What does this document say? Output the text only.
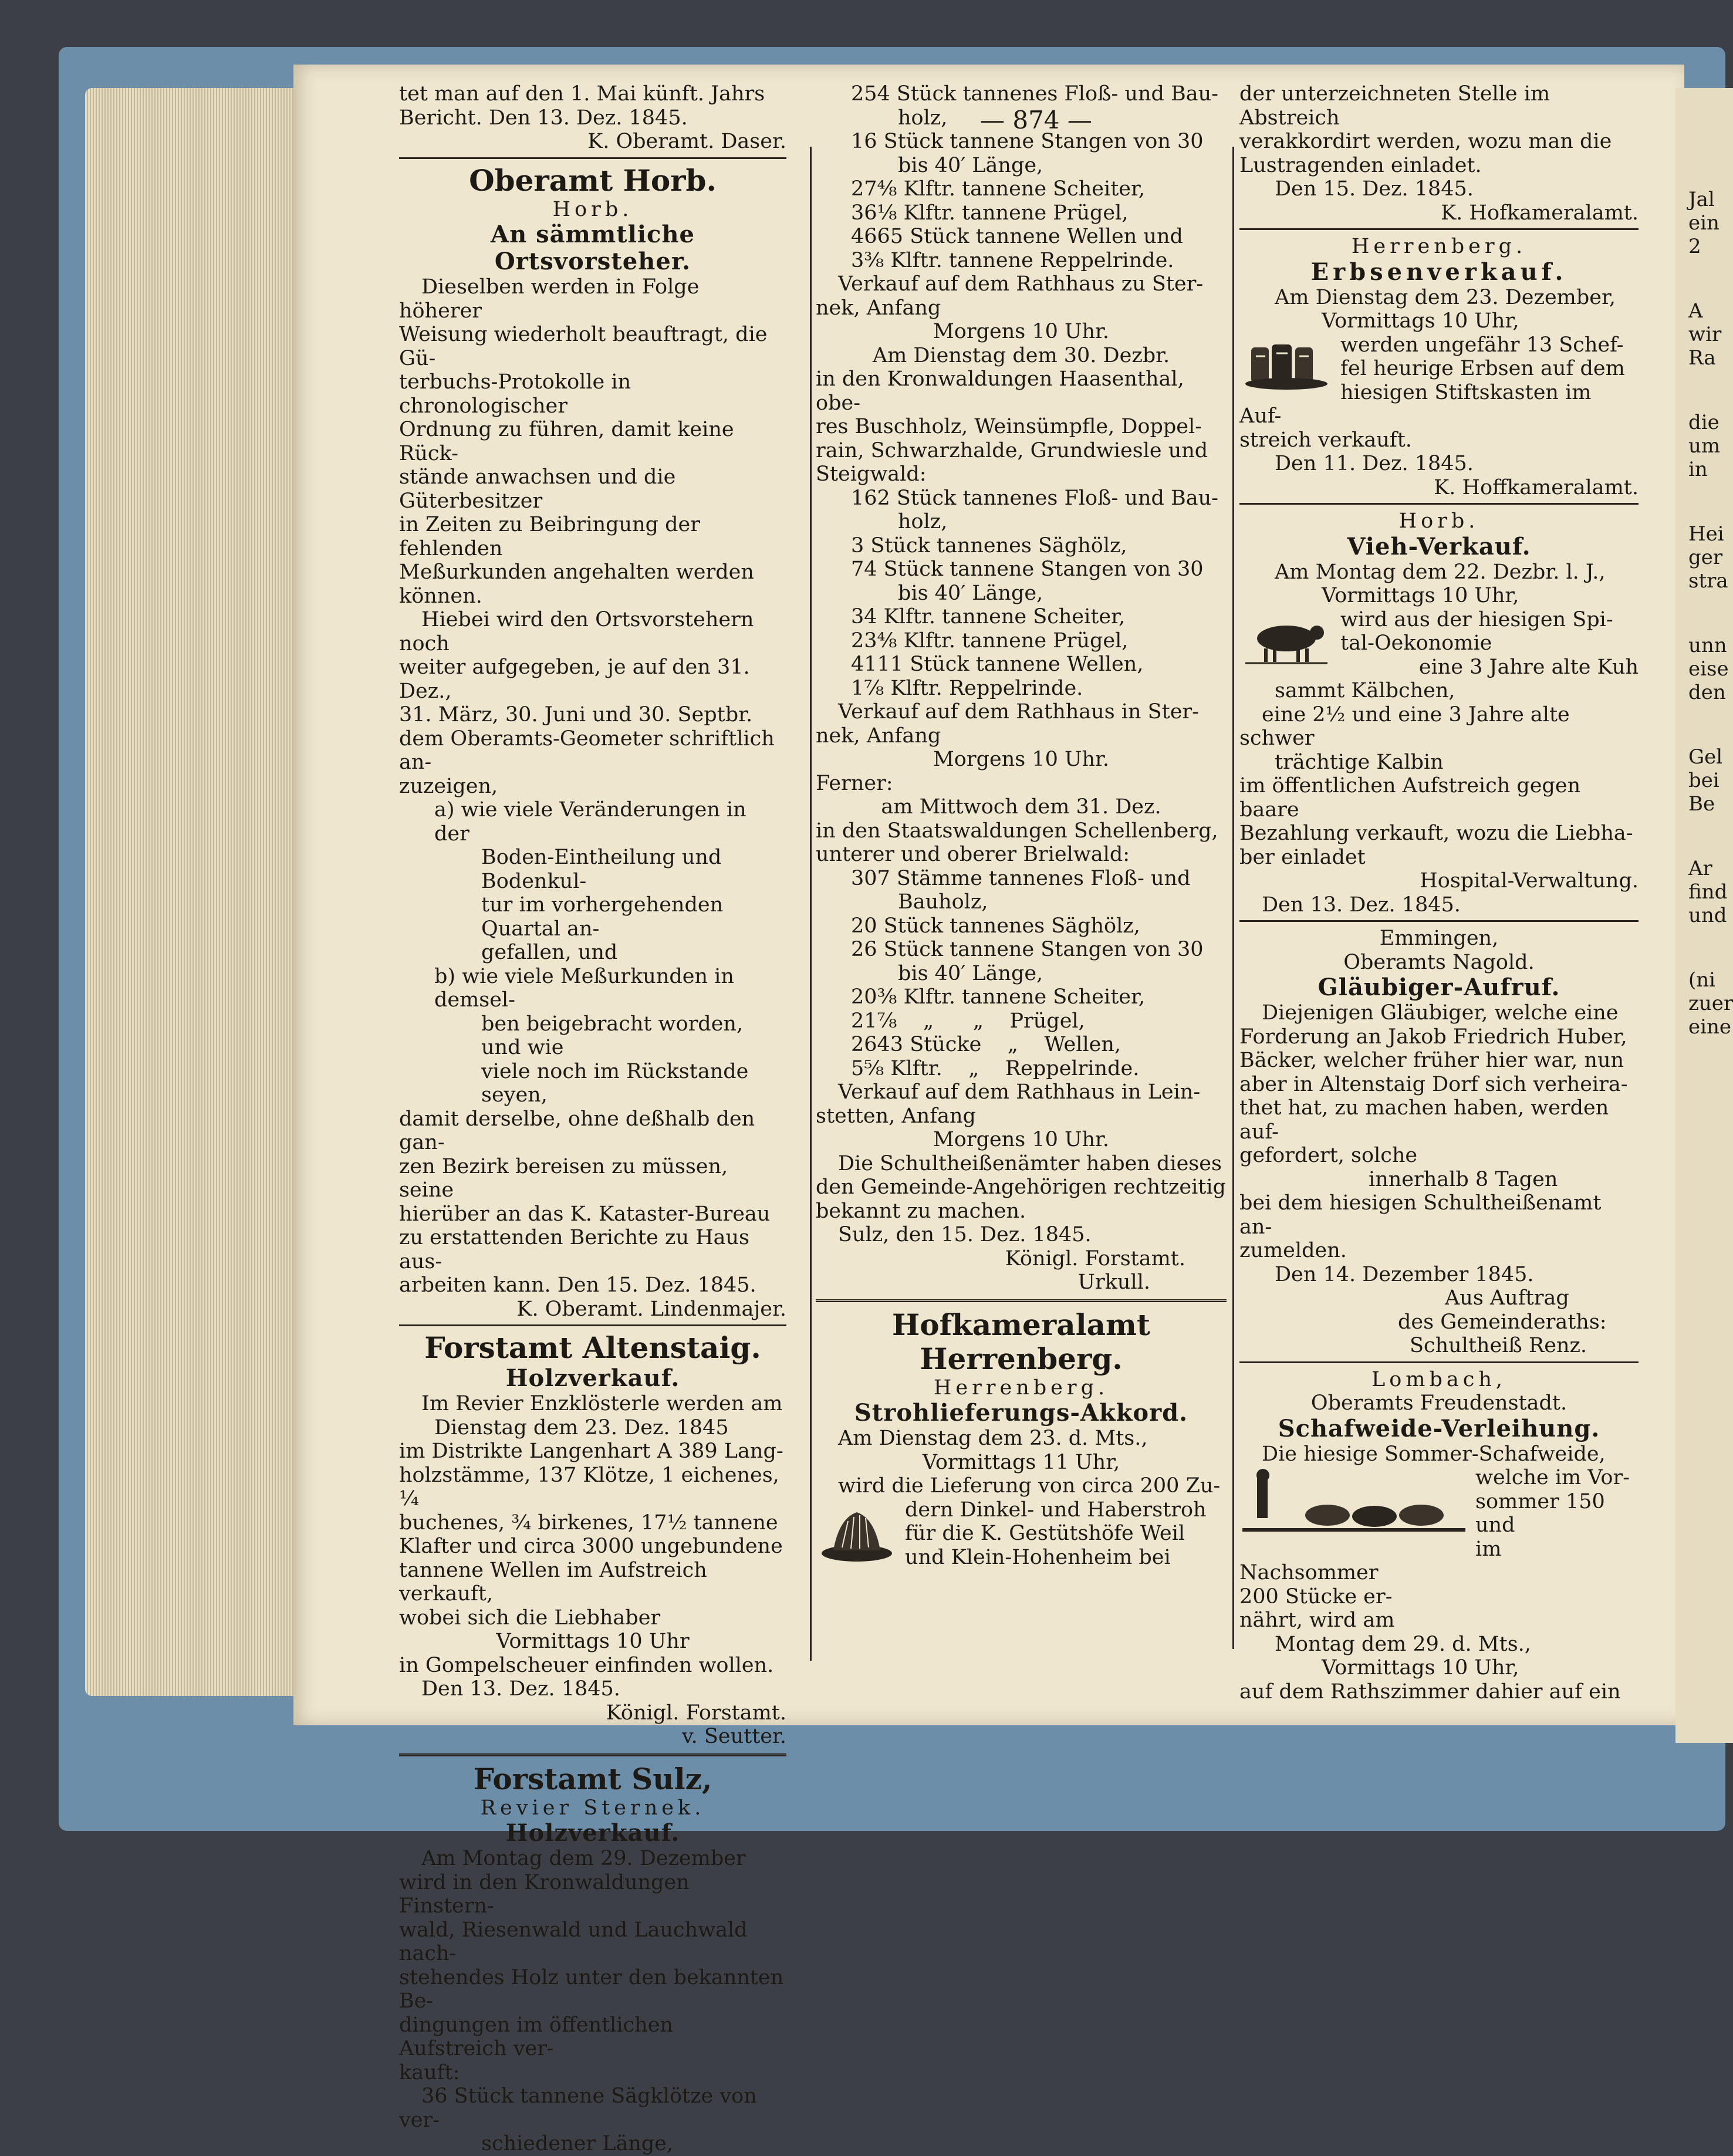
Jal
ein
2
A
wir
Ra
die
um
in
Hei
ger
stra
unn
eise
den
Gel
bei
Be
Ar
find
und
(ni
zuer
eine
— 874 —

tet man auf den 1. Mai künft. Jahrs

Bericht. Den 13. Dez. 1845.

K. Oberamt. Daser.

Oberamt Horb.

Horb.

An sämmtliche Ortsvorsteher.

Dieselben werden in Folge höherer

Weisung wiederholt beauftragt, die Gü-

terbuchs-Protokolle in chronologischer

Ordnung zu führen, damit keine Rück-

stände anwachsen und die Güterbesitzer

in Zeiten zu Beibringung der fehlenden

Meßurkunden angehalten werden können.

Hiebei wird den Ortsvorstehern noch

weiter aufgegeben, je auf den 31. Dez.,

31. März, 30. Juni und 30. Septbr.

dem Oberamts-Geometer schriftlich an-

zuzeigen,

a) wie viele Veränderungen in der

Boden-Eintheilung und Bodenkul-

tur im vorhergehenden Quartal an-

gefallen, und

b) wie viele Meßurkunden in demsel-

ben beigebracht worden, und wie

viele noch im Rückstande seyen,

damit derselbe, ohne deßhalb den gan-

zen Bezirk bereisen zu müssen, seine

hierüber an das K. Kataster-Bureau

zu erstattenden Berichte zu Haus aus-

arbeiten kann. Den 15. Dez. 1845.

K. Oberamt. Lindenmajer.

Forstamt Altenstaig.

Holzverkauf.

Im Revier Enzklösterle werden am

Dienstag dem 23. Dez. 1845

im Distrikte Langenhart A 389 Lang-

holzstämme, 137 Klötze, 1 eichenes, ¼

buchenes, ¾ birkenes, 17½ tannene

Klafter und circa 3000 ungebundene

tannene Wellen im Aufstreich verkauft,

wobei sich die Liebhaber

Vormittags 10 Uhr

in Gompelscheuer einfinden wollen.

Den 13. Dez. 1845.

Königl. Forstamt.

v. Seutter.

Forstamt Sulz,

Revier Sternek.

Holzverkauf.

Am Montag dem 29. Dezember

wird in den Kronwaldungen Finstern-

wald, Riesenwald und Lauchwald nach-

stehendes Holz unter den bekannten Be-

dingungen im öffentlichen Aufstreich ver-

kauft:

36 Stück tannene Sägklötze von ver-

schiedener Länge,

254 Stück tannenes Floß- und Bau-

holz,

16 Stück tannene Stangen von 30

bis 40′ Länge,

27⁴⁄₈ Klftr. tannene Scheiter,

36⅛ Klftr. tannene Prügel,

4665 Stück tannene Wellen und

3⅜ Klftr. tannene Reppelrinde.

Verkauf auf dem Rathhaus zu Ster-

nek, Anfang

Morgens 10 Uhr.

Am Dienstag dem 30. Dezbr.

in den Kronwaldungen Haasenthal, obe-

res Buschholz, Weinsümpfle, Doppel-

rain, Schwarzhalde, Grundwiesle und

Steigwald:

162 Stück tannenes Floß- und Bau-

holz,

3 Stück tannenes Säghölz,

74 Stück tannene Stangen von 30

bis 40′ Länge,

34 Klftr. tannene Scheiter,

23⁴⁄₈ Klftr. tannene Prügel,

4111 Stück tannene Wellen,

1⅞ Klftr. Reppelrinde.

Verkauf auf dem Rathhaus in Ster-

nek, Anfang

Morgens 10 Uhr.

Ferner:

am Mittwoch dem 31. Dez.

in den Staatswaldungen Schellenberg,

unterer und oberer Brielwald:

307 Stämme tannenes Floß- und

Bauholz,

20 Stück tannenes Säghölz,

26 Stück tannene Stangen von 30

bis 40′ Länge,

20⅜ Klftr. tannene Scheiter,

21⅞    „      „    Prügel,

2643 Stücke    „    Wellen,

5⅝ Klftr.    „    Reppelrinde.

Verkauf auf dem Rathhaus in Lein-

stetten, Anfang

Morgens 10 Uhr.

Die Schultheißenämter haben dieses

den Gemeinde-Angehörigen rechtzeitig

bekannt zu machen.

Sulz, den 15. Dez. 1845.

Königl. Forstamt.

Urkull.

Hofkameralamt Herrenberg.

Herrenberg.

Strohlieferungs-Akkord.

Am Dienstag dem 23. d. Mts.,

Vormittags 11 Uhr,

wird die Lieferung von circa 200 Zu-

dern Dinkel- und Haberstroh

für die K. Gestütshöfe Weil

und Klein-Hohenheim bei

der unterzeichneten Stelle im Abstreich

verakkordirt werden, wozu man die

Lustragenden einladet.

Den 15. Dez. 1845.

K. Hofkameralamt.

Herrenberg.

Erbsenverkauf.

Am Dienstag dem 23. Dezember,

Vormittags 10 Uhr,

werden ungefähr 13 Schef-

fel heurige Erbsen auf dem

hiesigen Stiftskasten im Auf-

streich verkauft.

Den 11. Dez. 1845.

K. Hoffkameralamt.

Horb.

Vieh-Verkauf.

Am Montag dem 22. Dezbr. l. J.,

Vormittags 10 Uhr,

wird aus der hiesigen Spi-

tal-Oekonomie

eine 3 Jahre alte Kuh

sammt Kälbchen,

eine 2½ und eine 3 Jahre alte schwer

trächtige Kalbin

im öffentlichen Aufstreich gegen baare

Bezahlung verkauft, wozu die Liebha-

ber einladet

Hospital-Verwaltung.

Den 13. Dez. 1845.

Emmingen,

Oberamts Nagold.

Gläubiger-Aufruf.

Diejenigen Gläubiger, welche eine

Forderung an Jakob Friedrich Huber,

Bäcker, welcher früher hier war, nun

aber in Altenstaig Dorf sich verheira-

thet hat, zu machen haben, werden auf-

gefordert, solche

innerhalb 8 Tagen

bei dem hiesigen Schultheißenamt an-

zumelden.

Den 14. Dezember 1845.

Aus Auftrag

des Gemeinderaths:

Schultheiß Renz.

Lombach,

Oberamts Freudenstadt.

Schafweide-Verleihung.

Die hiesige Sommer-Schafweide,

welche im Vor-

sommer 150 und

im Nachsommer

200 Stücke er-

nährt, wird am

Montag dem 29. d. Mts.,

Vormittags 10 Uhr,

auf dem Rathszimmer dahier auf ein
